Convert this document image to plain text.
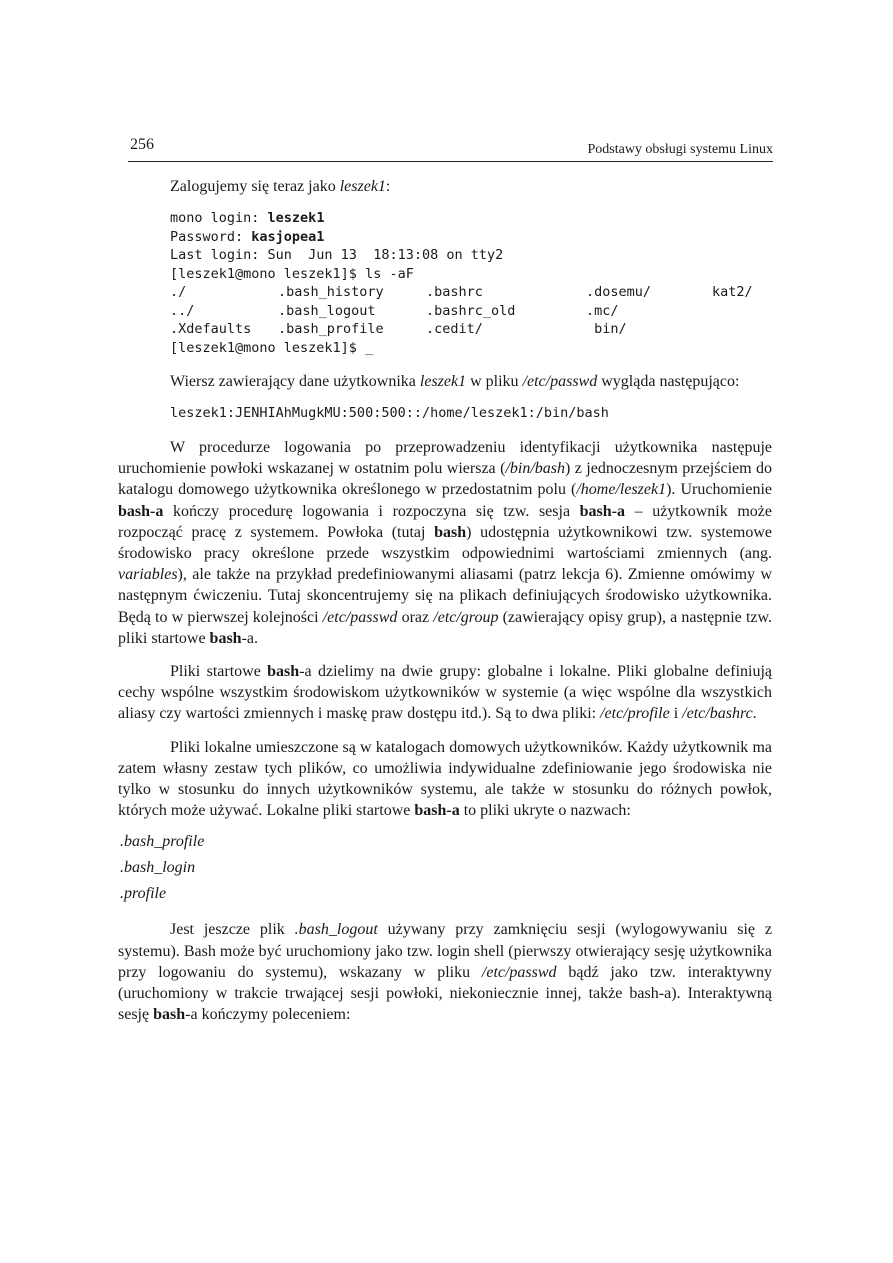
256	Podstawy obsługi systemu Linux

Zalogujemy się teraz jako leszek1:

mono login: leszek1
Password: kasjopea1
Last login: Sun  Jun 13  18:13:08 on tty2
[leszek1@mono leszek1]$ ls -aF
./	.bash_history	.bashrc	.dosemu/	kat2/
../	.bash_logout	.bashrc_old	.mc/
.Xdefaults	.bash_profile	.cedit/	bin/
[leszek1@mono leszek1]$ _

Wiersz zawierający dane użytkownika leszek1 w pliku /etc/passwd wygląda następująco:

leszek1:JENHIAhMugkMU:500:500::/home/leszek1:/bin/bash

W procedurze logowania po przeprowadzeniu identyfikacji użytkownika następuje uruchomienie powłoki wskazanej w ostatnim polu wiersza (/bin/bash) z jednoczesnym przejściem do katalogu domowego użytkownika określonego w przedostatnim polu (/home/leszek1). Uruchomienie bash-a kończy procedurę logowania i rozpoczyna się tzw. sesja bash-a – użytkownik może rozpocząć pracę z systemem. Powłoka (tutaj bash) udostępnia użytkownikowi tzw. systemowe środowisko pracy określone przede wszystkim odpowiednimi wartościami zmiennych (ang. variables), ale także na przykład predefiniowanymi aliasami (patrz lekcja 6). Zmienne omówimy w następnym ćwiczeniu. Tutaj skoncentrujemy się na plikach definiujących środowisko użytkownika. Będą to w pierwszej kolejności /etc/passwd oraz /etc/group (zawierający opisy grup), a następnie tzw. pliki startowe bash-a.

Pliki startowe bash-a dzielimy na dwie grupy: globalne i lokalne. Pliki globalne definiują cechy wspólne wszystkim środowiskom użytkowników w systemie (a więc wspólne dla wszystkich aliasy czy wartości zmiennych i maskę praw dostępu itd.). Są to dwa pliki: /etc/profile i /etc/bashrc.

Pliki lokalne umieszczone są w katalogach domowych użytkowników. Każdy użytkownik ma zatem własny zestaw tych plików, co umożliwia indywidualne zdefiniowanie jego środowiska nie tylko w stosunku do innych użytkowników systemu, ale także w stosunku do różnych powłok, których może używać. Lokalne pliki startowe bash-a to pliki ukryte o nazwach:

.bash_profile
.bash_login
.profile

Jest jeszcze plik .bash_logout używany przy zamknięciu sesji (wylogowywaniu się z systemu). Bash może być uruchomiony jako tzw. login shell (pierwszy otwierający sesję użytkownika przy logowaniu do systemu), wskazany w pliku /etc/passwd bądź jako tzw. interaktywny (uruchomiony w trakcie trwającej sesji powłoki, niekoniecznie innej, także bash-a). Interaktywną sesję bash-a kończymy poleceniem:
